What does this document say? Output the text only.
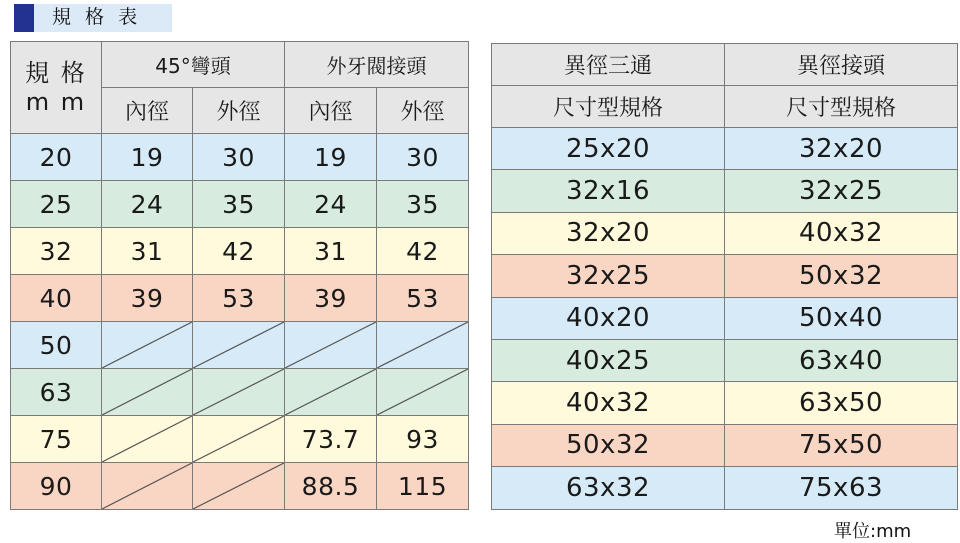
規 格 表
規 格
m m	45°彎頭		外牙閥接頭	
	內徑	外徑	內徑	外徑
20	19	30	19	30
25	24	35	24	35
32	31	42	31	42
40	39	53	39	53
50	

63	

75			73.7	93
90			88.5	115
異徑三通	異徑接頭
尺寸型規格	尺寸型規格
25x20	32x20
32x16	32x25
32x20	40x32
32x25	50x32
40x20	50x40
40x25	63x40
40x32	63x50
50x32	75x50
63x32	75x63
單位:mm
